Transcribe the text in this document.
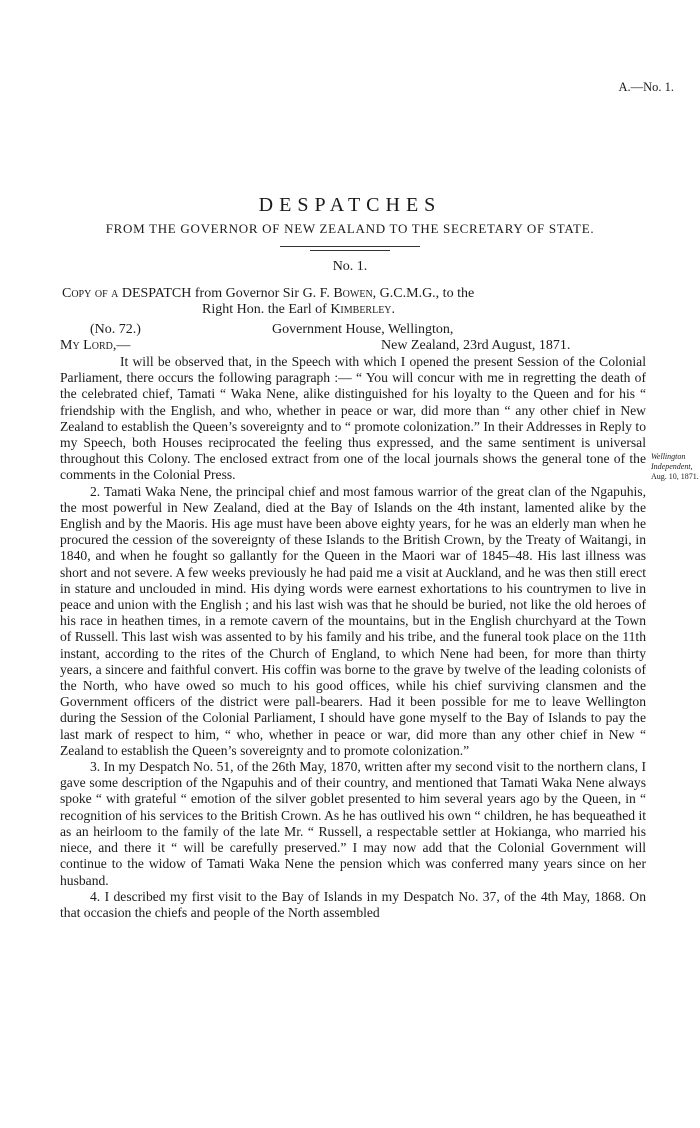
A.—No. 1.
DESPATCHES
FROM THE GOVERNOR OF NEW ZEALAND TO THE SECRETARY OF STATE.
No. 1.
Copy of a DESPATCH from Governor Sir G. F. Bowen, G.C.M.G., to the
Right Hon. the Earl of Kimberley.
(No. 72.)	Government House, Wellington,
My Lord,—	New Zealand, 23rd August, 1871.

It will be observed that, in the Speech with which I opened the present Session of the Colonial Parliament, there occurs the following paragraph :— “ You will concur with me in regretting the death of the celebrated chief, Tamati “ Waka Nene, alike distinguished for his loyalty to the Queen and for his “ friendship with the English, and who, whether in peace or war, did more than “ any other chief in New Zealand to establish the Queen’s sovereignty and to “ promote colonization.” In their Addresses in Reply to my Speech, both Houses reciprocated the feeling thus expressed, and the same sentiment is universal throughout this Colony. The enclosed extract from one of the local journals shows the general tone of the comments in the Colonial Press.

2. Tamati Waka Nene, the principal chief and most famous warrior of the great clan of the Ngapuhis, the most powerful in New Zealand, died at the Bay of Islands on the 4th instant, lamented alike by the English and by the Maoris. His age must have been above eighty years, for he was an elderly man when he procured the cession of the sovereignty of these Islands to the British Crown, by the Treaty of Waitangi, in 1840, and when he fought so gallantly for the Queen in the Maori war of 1845–48. His last illness was short and not severe. A few weeks previously he had paid me a visit at Auckland, and he was then still erect in stature and unclouded in mind. His dying words were earnest exhortations to his countrymen to live in peace and union with the English ; and his last wish was that he should be buried, not like the old heroes of his race in heathen times, in a remote cavern of the mountains, but in the English churchyard at the Town of Russell. This last wish was assented to by his family and his tribe, and the funeral took place on the 11th instant, according to the rites of the Church of England, to which Nene had been, for more than thirty years, a sincere and faithful convert. His coffin was borne to the grave by twelve of the leading colonists of the North, who have owed so much to his good offices, while his chief surviving clansmen and the Government officers of the district were pall-bearers. Had it been possible for me to leave Wellington during the Session of the Colonial Parliament, I should have gone myself to the Bay of Islands to pay the last mark of respect to him, “ who, whether in peace or war, did more than any other chief in New “ Zealand to establish the Queen’s sovereignty and to promote colonization.”

3. In my Despatch No. 51, of the 26th May, 1870, written after my second visit to the northern clans, I gave some description of the Ngapuhis and of their country, and mentioned that Tamati Waka Nene always spoke “ with grateful “ emotion of the silver goblet presented to him several years ago by the Queen, in “ recognition of his services to the British Crown. As he has outlived his own “ children, he has bequeathed it as an heirloom to the family of the late Mr. “ Russell, a respectable settler at Hokianga, who married his niece, and there it “ will be carefully preserved.” I may now add that the Colonial Government will continue to the widow of Tamati Waka Nene the pension which was conferred many years since on her husband.

4. I described my first visit to the Bay of Islands in my Despatch No. 37, of the 4th May, 1868. On that occasion the chiefs and people of the North assembled

Wellington
Independent,
Aug. 10, 1871.
